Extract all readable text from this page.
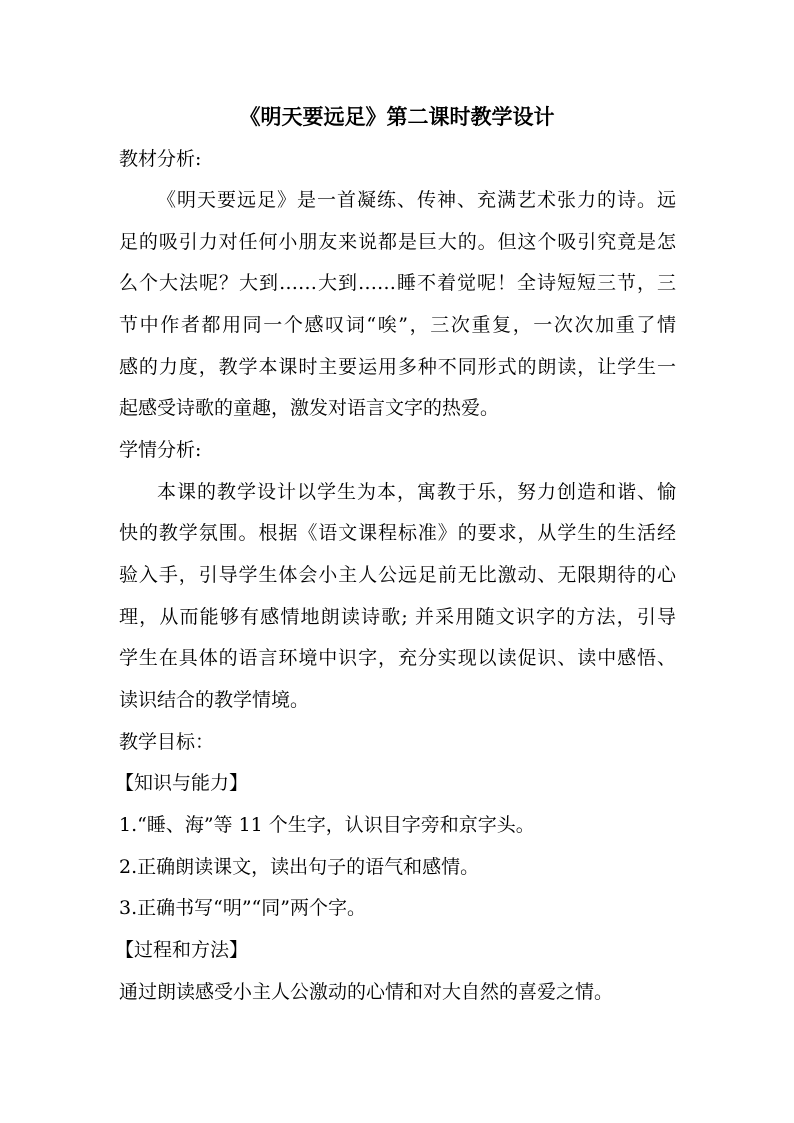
《明天要远足》第二课时教学设计
教材分析:
《明天要远足》是一首凝练、传神、充满艺术张力的诗。远
足的吸引力对任何小朋友来说都是巨大的。但这个吸引究竟是怎
么个大法呢？大到……大到……睡不着觉呢！全诗短短三节，三
节中作者都用同一个感叹词“唉”，三次重复，一次次加重了情
感的力度，教学本课时主要运用多种不同形式的朗读，让学生一
起感受诗歌的童趣，激发对语言文字的热爱。
学情分析:
本课的教学设计以学生为本，寓教于乐，努力创造和谐、愉
快的教学氛围。根据《语文课程标准》的要求，从学生的生活经
验入手，引导学生体会小主人公远足前无比激动、无限期待的心
理，从而能够有感情地朗读诗歌; 并采用随文识字的方法，引导
学生在具体的语言环境中识字，充分实现以读促识、读中感悟、
读识结合的教学情境。
教学目标：
【知识与能力】
1.“睡、海”等 11 个生字，认识目字旁和京字头。
2.正确朗读课文，读出句子的语气和感情。
3.正确书写“明”“同”两个字。
【过程和方法】
通过朗读感受小主人公激动的心情和对大自然的喜爱之情。
